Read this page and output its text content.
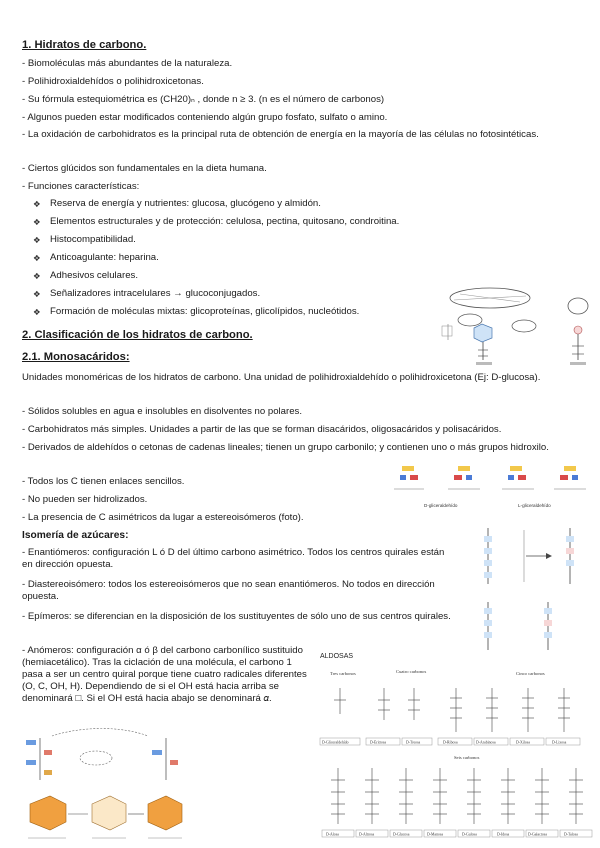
1. Hidratos de carbono.
- Biomoléculas más abundantes de la naturaleza.
- Polihidroxialdehídos o polihidroxicetonas.
- Su fórmula estequiométrica es (CH20)ₙ , donde n ≥ 3. (n es el número de carbonos)
- Algunos pueden estar modificados conteniendo algún grupo fosfato, sulfato o amino.
- La oxidación de carbohidratos es la principal ruta de obtención de energía en la mayoría de las células no fotosintéticas.
- Ciertos glúcidos son fundamentales en la dieta humana.
- Funciones características:
❖ Reserva de energía y nutrientes: glucosa, glucógeno y almidón.
❖ Elementos estructurales y de protección: celulosa, pectina, quitosano, condroitina.
❖ Histocompatibilidad.
❖ Anticoagulante: heparina.
❖ Adhesivos celulares.
❖ Señalizadores intracelulares → glucoconjugados.
❖ Formación de moléculas mixtas: glicoproteínas, glicolípidos, nucleótidos.
2. Clasificación de los hidratos de carbono.
2.1. Monosacáridos:
Unidades monoméricas de los hidratos de carbono. Una unidad de polihidroxialdehído o polihidroxicetona (Ej: D-glucosa).
- Sólidos solubles en agua e insolubles en disolventes no polares.
- Carbohidratos más simples. Unidades a partir de las que se forman disacáridos, oligosacáridos y polisacáridos.
- Derivados de aldehídos o cetonas de cadenas lineales; tienen un grupo carbonilo; y contienen uno o más grupos hidroxilo.
- Todos los C tienen enlaces sencillos.
- No pueden ser hidrolizados.
- La presencia de C asimétricos da lugar a estereoisómeros (foto).
Isomería de azúcares:
- Enantiómeros: configuración L ó D del último carbono asimétrico. Todos los centros quirales están en dirección opuesta.
- Diastereoisómero: todos los estereoisómeros que no sean enantiómeros. No todos en dirección opuesta.
- Epímeros: se diferencian en la disposición de los sustituyentes de sólo uno de sus centros quirales.
- Anómeros: configuración α ó β del carbono carbonílico sustituido (hemiacetálico). Tras la ciclación de una molécula, el carbono 1 pasa a ser un centro quiral porque tiene cuatro radicales diferentes (O, C, OH, H). Dependiendo de si el OH está hacia arriba se denominará □. Si el OH está hacia abajo se denominará 𝛼.
D-gliceraldehído	L-gliceraldehído
ALDOSAS
Tres carbonos	Cuatro carbonos	Cinco carbonos
Seis carbonos
D-Gliceraldehído	D-Eritrosa	D-Treosa	D-Ribosa	D-Arabinosa	D-Xilosa	D-Lixosa
D-Alosa	D-Altrosa	D-Glucosa	D-Manosa	D-Gulosa	D-Idosa	D-Galactosa	D-Talosa
